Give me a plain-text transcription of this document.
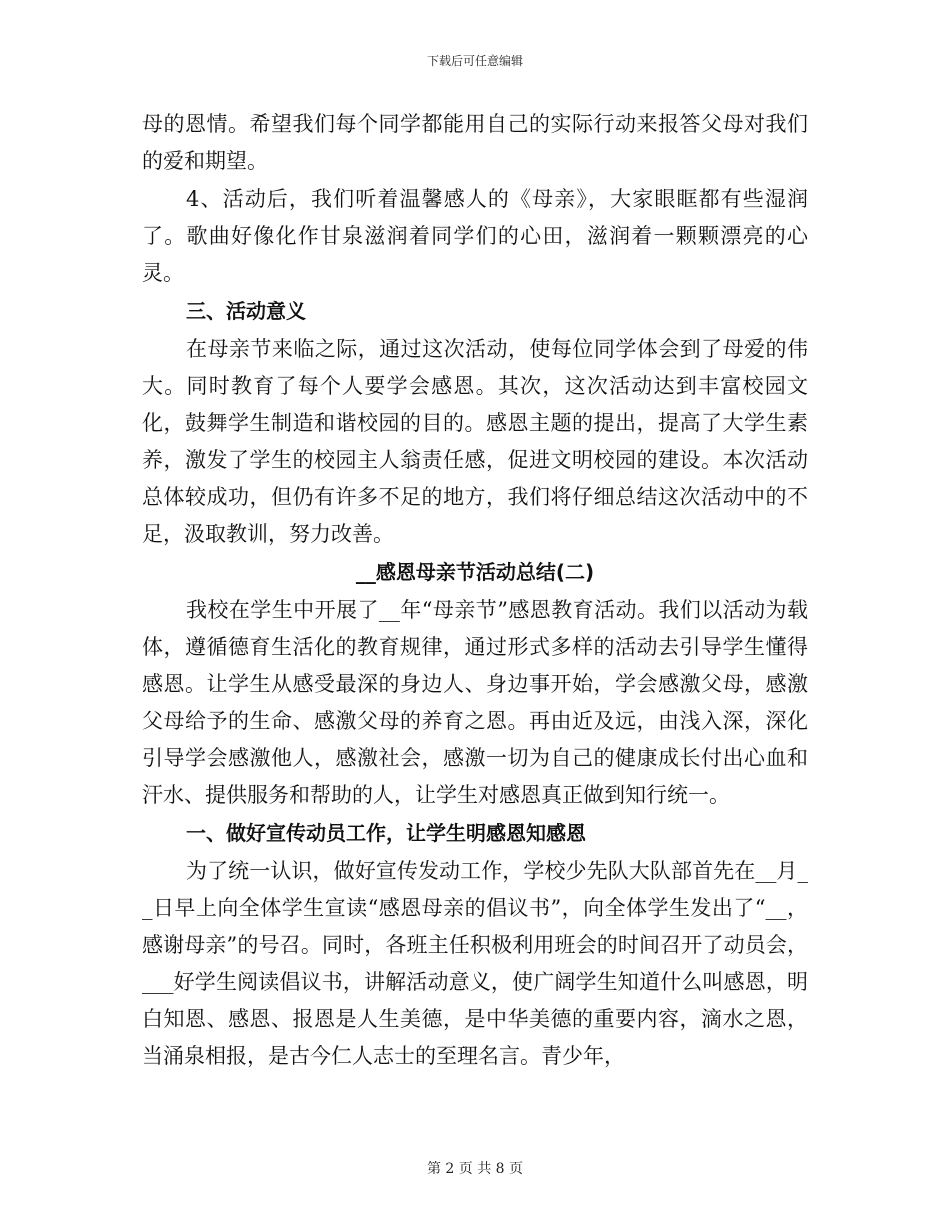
下载后可任意编辑

母的恩情。希望我们每个同学都能用自己的实际行动来报答父母对我们的爱和期望。

4、活动后，我们听着温馨感人的《母亲》，大家眼眶都有些湿润了。歌曲好像化作甘泉滋润着同学们的心田，滋润着一颗颗漂亮的心灵。

三、活动意义

在母亲节来临之际，通过这次活动，使每位同学体会到了母爱的伟大。同时教育了每个人要学会感恩。其次，这次活动达到丰富校园文化，鼓舞学生制造和谐校园的目的。感恩主题的提出，提高了大学生素养，激发了学生的校园主人翁责任感，促进文明校园的建设。本次活动总体较成功，但仍有许多不足的地方，我们将仔细总结这次活动中的不足，汲取教训，努力改善。

__感恩母亲节活动总结(二)

我校在学生中开展了__年“母亲节”感恩教育活动。我们以活动为载体，遵循德育生活化的教育规律，通过形式多样的活动去引导学生懂得感恩。让学生从感受最深的身边人、身边事开始，学会感激父母，感激父母给予的生命、感激父母的养育之恩。再由近及远，由浅入深，深化引导学会感激他人，感激社会，感激一切为自己的健康成长付出心血和汗水、提供服务和帮助的人，让学生对感恩真正做到知行统一。

一、做好宣传动员工作，让学生明感恩知感恩

为了统一认识，做好宣传发动工作，学校少先队大队部首先在__月__日早上向全体学生宣读“感恩母亲的倡议书”，向全体学生发出了“__，感谢母亲”的号召。同时，各班主任积极利用班会的时间召开了动员会，___好学生阅读倡议书，讲解活动意义，使广阔学生知道什么叫感恩，明白知恩、感恩、报恩是人生美德，是中华美德的重要内容，滴水之恩，当涌泉相报，是古今仁人志士的至理名言。青少年，

第 2 页 共 8 页
